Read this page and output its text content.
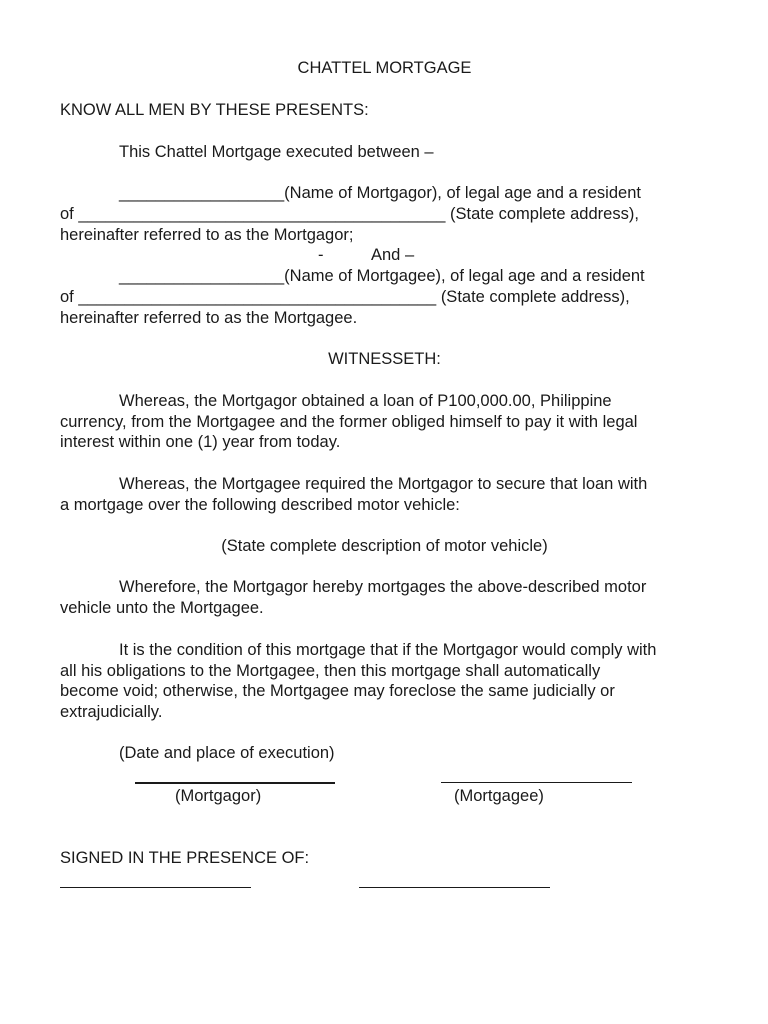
CHATTEL MORTGAGE
KNOW ALL MEN BY THESE PRESENTS:
This Chattel Mortgage executed between –
__________________(Name of Mortgagor), of legal age and a resident
of ________________________________________ (State complete address),
hereinafter referred to as the Mortgagor;
-	And –
__________________(Name of Mortgagee), of legal age and a resident
of _______________________________________ (State complete address),
hereinafter referred to as the Mortgagee.
WITNESSETH:
Whereas, the Mortgagor obtained a loan of P100,000.00, Philippine
currency, from the Mortgagee and the former obliged himself to pay it with legal
interest within one (1) year from today.
Whereas, the Mortgagee required the Mortgagor to secure that loan with
a mortgage over the following described motor vehicle:
(State complete description of motor vehicle)
Wherefore, the Mortgagor hereby mortgages the above-described motor
vehicle unto the Mortgagee.
It is the condition of this mortgage that if the Mortgagor would comply with
all his obligations to the Mortgagee, then this mortgage shall automatically
become void; otherwise, the Mortgagee may foreclose the same judicially or
extrajudicially.
(Date and place of execution)
(Mortgagor)	(Mortgagee)
SIGNED IN THE PRESENCE OF:
